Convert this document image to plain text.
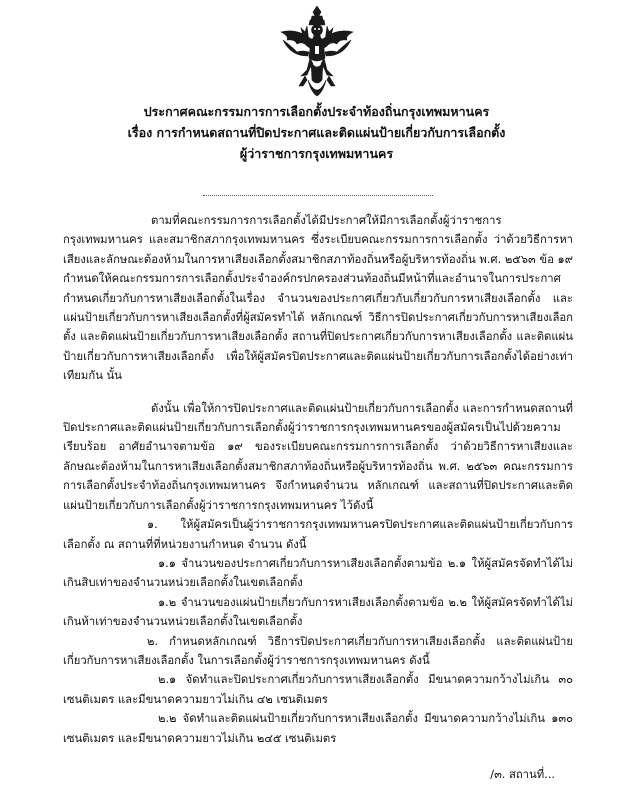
ประกาศคณะกรรมการการเลือกตั้งประจำท้องถิ่นกรุงเทพมหานคร
เรื่อง การกำหนดสถานที่ปิดประกาศและติดแผ่นป้ายเกี่ยวกับการเลือกตั้ง
ผู้ว่าราชการกรุงเทพมหานคร

ตามที่คณะกรรมการการเลือกตั้งได้มีประกาศให้มีการเลือกตั้งผู้ว่าราชการกรุงเทพมหานคร และสมาชิกสภากรุงเทพมหานคร ซึ่งระเบียบคณะกรรมการการเลือกตั้ง ว่าด้วยวิธีการหาเสียงและลักษณะต้องห้ามในการหาเสียงเลือกตั้งสมาชิกสภาท้องถิ่นหรือผู้บริหารท้องถิ่น พ.ศ. ๒๕๖๓ ข้อ ๑๙ กำหนดให้คณะกรรมการการเลือกตั้งประจำองค์กรปกครองส่วนท้องถิ่นมีหน้าที่และอำนาจในการประกาศกำหนดเกี่ยวกับการหาเสียงเลือกตั้งในเรื่อง จำนวนของประกาศเกี่ยวกับเกี่ยวกับการหาเสียงเลือกตั้ง และแผ่นป้ายเกี่ยวกับการหาเสียงเลือกตั้งที่ผู้สมัครทำได้ หลักเกณฑ์ วิธีการปิดประกาศเกี่ยวกับการหาเสียงเลือกตั้ง และติดแผ่นป้ายเกี่ยวกับการหาเสียงเลือกตั้ง สถานที่ปิดประกาศเกี่ยวกับการหาเสียงเลือกตั้ง และติดแผ่นป้ายเกี่ยวกับการหาเสียงเลือกตั้ง เพื่อให้ผู้สมัครปิดประกาศและติดแผ่นป้ายเกี่ยวกับการเลือกตั้งได้อย่างเท่าเทียมกัน นั้น

ดังนั้น เพื่อให้การปิดประกาศและติดแผ่นป้ายเกี่ยวกับการเลือกตั้ง และการกำหนดสถานที่ปิดประกาศและติดแผ่นป้ายเกี่ยวกับการเลือกตั้งผู้ว่าราชการกรุงเทพมหานครของผู้สมัครเป็นไปด้วยความเรียบร้อย อาศัยอำนาจตามข้อ ๑๙ ของระเบียบคณะกรรมการการเลือกตั้ง ว่าด้วยวิธีการหาเสียงและลักษณะต้องห้ามในการหาเสียงเลือกตั้งสมาชิกสภาท้องถิ่นหรือผู้บริหารท้องถิ่น พ.ศ. ๒๕๖๓ คณะกรรมการการเลือกตั้งประจำท้องถิ่นกรุงเทพมหานคร จึงกำหนดจำนวน หลักเกณฑ์ และสถานที่ปิดประกาศและติดแผ่นป้ายเกี่ยวกับการเลือกตั้งผู้ว่าราชการกรุงเทพมหานคร ไว้ดังนี้

๑. ให้ผู้สมัครเป็นผู้ว่าราชการกรุงเทพมหานครปิดประกาศและติดแผ่นป้ายเกี่ยวกับการเลือกตั้ง ณ สถานที่ที่หน่วยงานกำหนด จำนวน ดังนี้

๑.๑ จำนวนของประกาศเกี่ยวกับการหาเสียงเลือกตั้งตามข้อ ๒.๑ ให้ผู้สมัครจัดทำได้ไม่เกินสิบเท่าของจำนวนหน่วยเลือกตั้งในเขตเลือกตั้ง

๑.๒ จำนวนของแผ่นป้ายเกี่ยวกับการหาเสียงเลือกตั้งตามข้อ ๒.๒ ให้ผู้สมัครจัดทำได้ไม่เกินห้าเท่าของจำนวนหน่วยเลือกตั้งในเขตเลือกตั้ง

๒. กำหนดหลักเกณฑ์ วิธีการปิดประกาศเกี่ยวกับการหาเสียงเลือกตั้ง และติดแผ่นป้ายเกี่ยวกับการหาเสียงเลือกตั้ง ในการเลือกตั้งผู้ว่าราชการกรุงเทพมหานคร ดังนี้

๒.๑ จัดทำและปิดประกาศเกี่ยวกับการหาเสียงเลือกตั้ง มีขนาดความกว้างไม่เกิน ๓๐ เซนติเมตร และมีขนาดความยาวไม่เกิน ๔๒ เซนติเมตร

๒.๒ จัดทำและติดแผ่นป้ายเกี่ยวกับการหาเสียงเลือกตั้ง มีขนาดความกว้างไม่เกิน ๑๓๐ เซนติเมตร และมีขนาดความยาวไม่เกิน ๒๔๕ เซนติเมตร

/๓. สถานที่...
